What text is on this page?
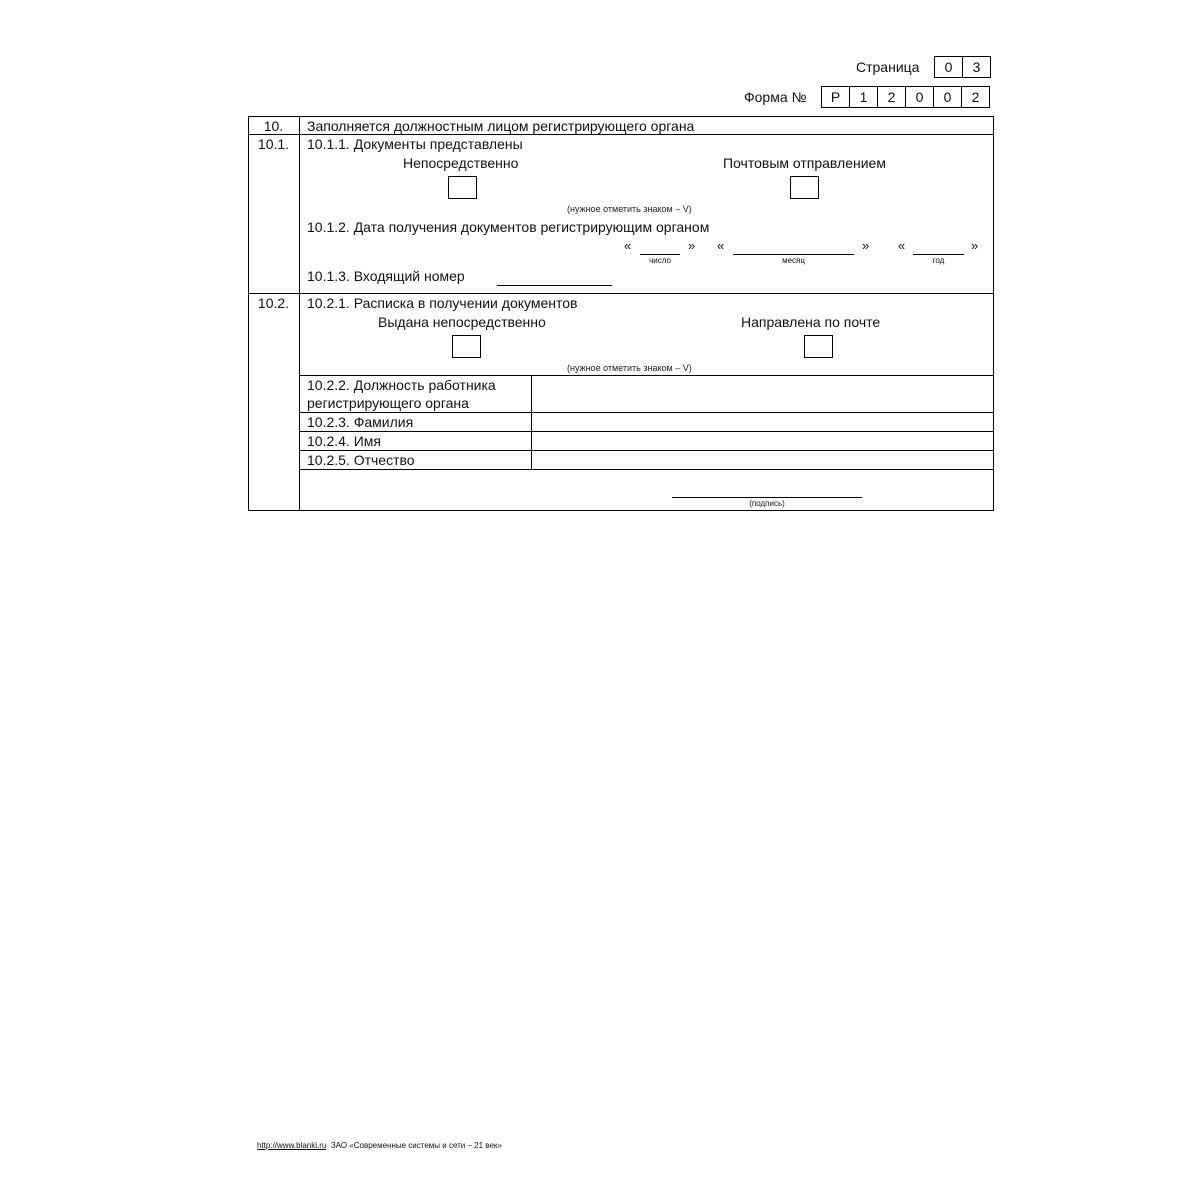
Страница	0	3
Форма №	Р	1	2	0	0	2
10.	Заполняется должностным лицом регистрирующего органа
10.1.	10.1.1. Документы представлены
Непосредственно	Почтовым отправлением
(нужное отметить знаком – V)
10.1.2. Дата получения документов регистрирующим органом
«	» «	» «	»
число	месяц	год
10.1.3. Входящий номер
10.2.	10.2.1. Расписка в получении документов
Выдана непосредственно	Направлена по почте
(нужное отметить знаком – V)
10.2.2. Должность работника
регистрирующего органа
10.2.3. Фамилия
10.2.4. Имя
10.2.5. Отчество
(подпись)
http://www.blanki.ru ЗАО «Современные системы и сети – 21 век»
